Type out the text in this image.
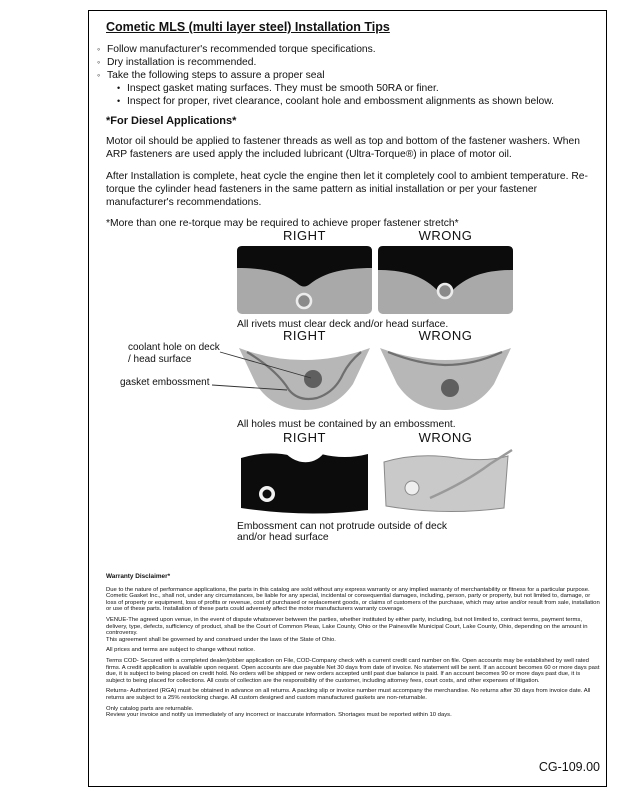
Cometic MLS (multi layer steel) Installation Tips
◦ Follow manufacturer's recommended torque specifications.
◦ Dry installation is recommended.
◦ Take the following steps to assure a proper seal
• Inspect gasket mating surfaces. They must be smooth 50RA or finer.
• Inspect for proper, rivet clearance, coolant hole and embossment alignments as shown below.
*For Diesel Applications*

Motor oil should be applied to fastener threads as well as top and bottom of the fastener washers. When ARP fasteners are used apply the included lubricant (Ultra-Torque®) in place of motor oil.

After Installation is complete, heat cycle the engine then let it completely cool to ambient temperature. Re-torque the cylinder head fasteners in the same pattern as initial installation or per your fastener manufacturer's recommendations.

*More than one re-torque may be required to achieve proper fastener stretch*

RIGHT	WRONG
All rivets must clear deck and/or head surface.
RIGHT	WRONG
All holes must be contained by an embossment.
coolant hole on deck / head surface
gasket embossment
RIGHT	WRONG
Embossment can not protrude outside of deck and/or head surface
Warranty Disclaimer*

Due to the nature of performance applications, the parts in this catalog are sold without any express warranty or any implied warranty of merchantability or fitness for a particular purpose. Cometic Gasket Inc., shall not, under any circumstances, be liable for any special, incidental or consequential damages, including, person, party or property, but not limited to, damage, or loss of property or equipment, loss of profits or revenue, cost of purchased or replacement goods, or claims of customers of the purchase, which may arise and/or result from sale, installation or use of these parts. Installation of these parts could adversely affect the motor manufacturers warranty coverage.

VENUE-The agreed upon venue, in the event of dispute whatsoever between the parties, whether instituted by either party, including, but not limited to, contract terms, payment terms, delivery, type, defects, sufficiency of product, shall be the Court of Common Pleas, Lake County, Ohio or the Painesville Municipal Court, Lake County, Ohio, depending on the amount in controversy.

This agreement shall be governed by and construed under the laws of the State of Ohio.

All prices and terms are subject to change without notice.

Terms COD- Secured with a completed dealer/jobber application on File, COD-Company check with a current credit card number on file. Open accounts may be established by well rated firms. A credit application is available upon request. Open accounts are due payable Net 30 days from date of invoice. No statement will be sent. If an account becomes 60 or more days past due, it is subject to being placed on credit hold. No orders will be shipped or new orders accepted until past due balance is paid. If an account becomes 90 or more days past due, it is subject to being placed for collections. All costs of collection are the responsibility of the customer, including attorney fees, court costs, and other expenses of litigation.

Returns- Authorized (RGA) must be obtained in advance on all returns. A packing slip or invoice number must accompany the merchandise. No returns after 30 days from invoice date. All returns are subject to a 25% restocking charge. All custom designed and custom manufactured gaskets are non-returnable.

Only catalog parts are returnable.

Review your invoice and notify us immediately of any incorrect or inaccurate information. Shortages must be reported within 10 days.

CG-109.00
